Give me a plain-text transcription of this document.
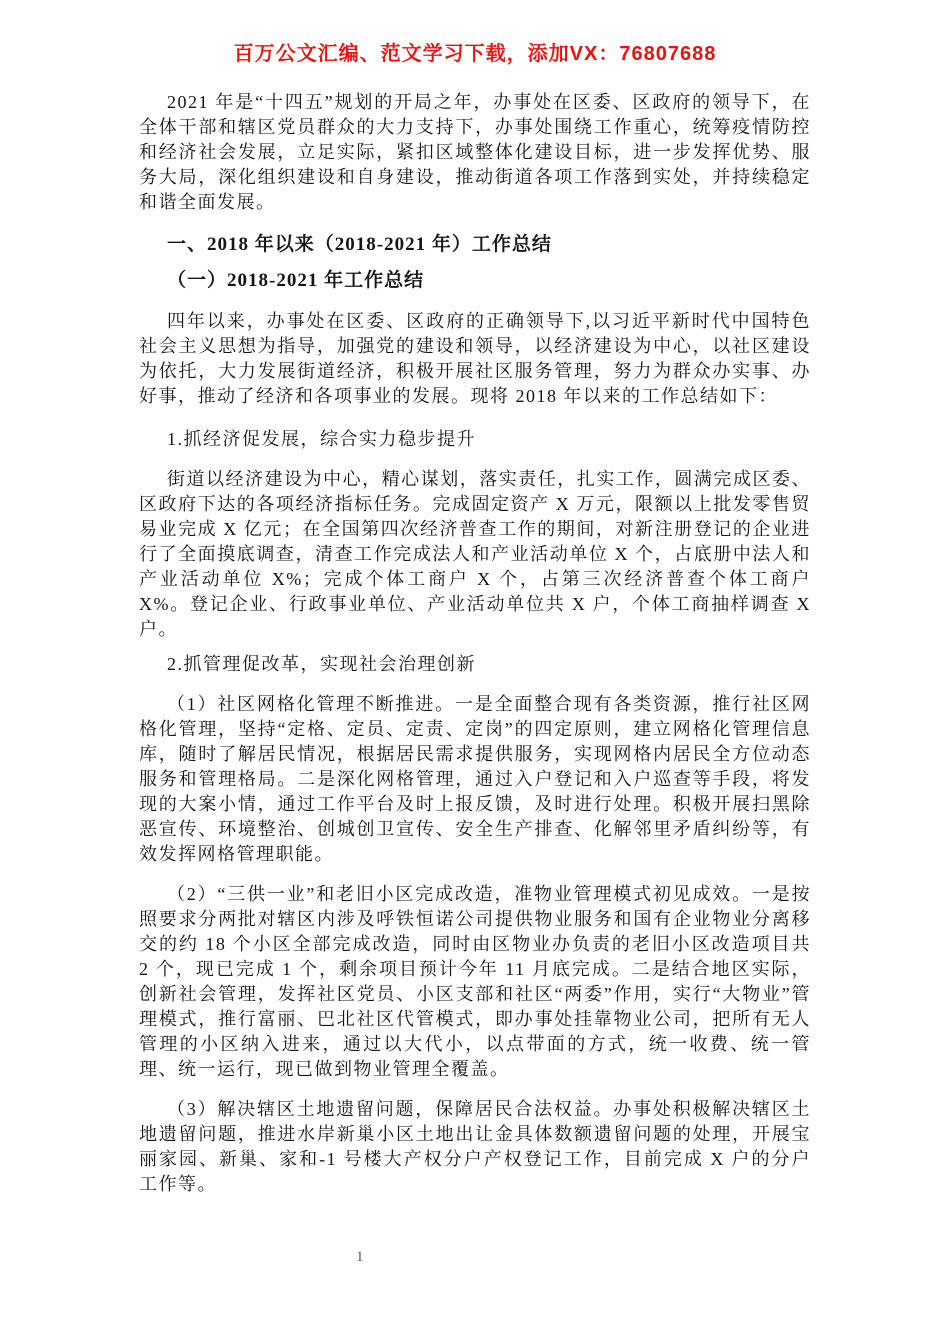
百万公文汇编、范文学习下载，添加VX：76807688

2021 年是“十四五”规划的开局之年，办事处在区委、区政府的领导下，在全体干部和辖区党员群众的大力支持下，办事处围绕工作重心，统筹疫情防控和经济社会发展，立足实际，紧扣区域整体化建设目标，进一步发挥优势、服务大局，深化组织建设和自身建设，推动街道各项工作落到实处，并持续稳定和谐全面发展。

一、2018 年以来（2018-2021 年）工作总结

（一）2018-2021 年工作总结

四年以来，办事处在区委、区政府的正确领导下,以习近平新时代中国特色社会主义思想为指导，加强党的建设和领导，以经济建设为中心，以社区建设为依托，大力发展街道经济，积极开展社区服务管理，努力为群众办实事、办好事，推动了经济和各项事业的发展。现将 2018 年以来的工作总结如下：

1.抓经济促发展，综合实力稳步提升

街道以经济建设为中心，精心谋划，落实责任，扎实工作，圆满完成区委、区政府下达的各项经济指标任务。完成固定资产 X 万元，限额以上批发零售贸易业完成 X 亿元；在全国第四次经济普查工作的期间，对新注册登记的企业进行了全面摸底调查，清查工作完成法人和产业活动单位 X 个，占底册中法人和产业活动单位 X%；完成个体工商户 X 个，占第三次经济普查个体工商户 X%。登记企业、行政事业单位、产业活动单位共 X 户，个体工商抽样调查 X 户。

2.抓管理促改革，实现社会治理创新

（1）社区网格化管理不断推进。一是全面整合现有各类资源，推行社区网格化管理，坚持“定格、定员、定责、定岗”的四定原则，建立网格化管理信息库，随时了解居民情况，根据居民需求提供服务，实现网格内居民全方位动态服务和管理格局。二是深化网格管理，通过入户登记和入户巡查等手段，将发现的大案小情，通过工作平台及时上报反馈，及时进行处理。积极开展扫黑除恶宣传、环境整治、创城创卫宣传、安全生产排查、化解邻里矛盾纠纷等，有效发挥网格管理职能。

（2）“三供一业”和老旧小区完成改造，准物业管理模式初见成效。一是按照要求分两批对辖区内涉及呼铁恒诺公司提供物业服务和国有企业物业分离移交的约 18 个小区全部完成改造，同时由区物业办负责的老旧小区改造项目共 2 个，现已完成 1 个，剩余项目预计今年 11 月底完成。二是结合地区实际，创新社会管理，发挥社区党员、小区支部和社区“两委”作用，实行“大物业”管理模式，推行富丽、巴北社区代管模式，即办事处挂靠物业公司，把所有无人管理的小区纳入进来，通过以大代小，以点带面的方式，统一收费、统一管理、统一运行，现已做到物业管理全覆盖。

（3）解决辖区土地遗留问题，保障居民合法权益。办事处积极解决辖区土地遗留问题，推进水岸新巢小区土地出让金具体数额遗留问题的处理，开展宝丽家园、新巢、家和-1 号楼大产权分户产权登记工作，目前完成 X 户的分户工作等。

1
